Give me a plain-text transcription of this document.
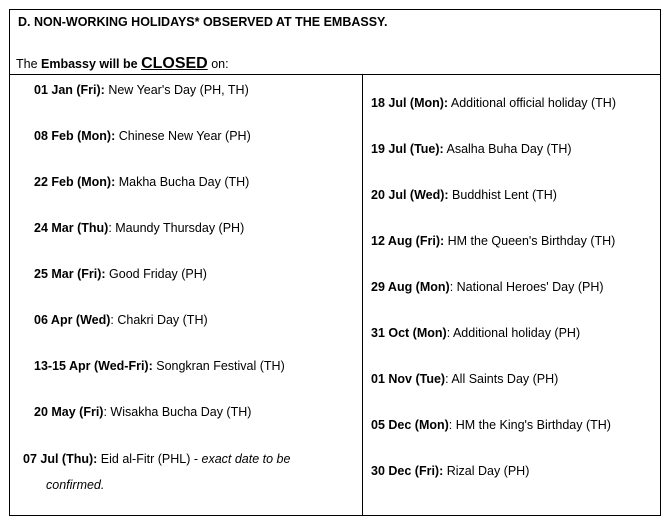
D. NON-WORKING HOLIDAYS* OBSERVED AT THE EMBASSY.
The Embassy will be CLOSED on:
01 Jan (Fri): New Year's Day (PH, TH)
08 Feb (Mon): Chinese New Year (PH)
22 Feb (Mon): Makha Bucha Day (TH)
24 Mar (Thu): Maundy Thursday (PH)
25 Mar (Fri): Good Friday (PH)
06 Apr (Wed): Chakri Day (TH)
13-15 Apr (Wed-Fri): Songkran Festival (TH)
20 May (Fri): Wisakha Bucha Day (TH)
07 Jul (Thu): Eid al-Fitr (PHL) - exact date to be
confirmed.
18 Jul (Mon): Additional official holiday (TH)
19 Jul (Tue): Asalha Buha Day (TH)
20 Jul (Wed): Buddhist Lent (TH)
12 Aug (Fri): HM the Queen's Birthday (TH)
29 Aug (Mon): National Heroes' Day (PH)
31 Oct (Mon): Additional holiday (PH)
01 Nov (Tue): All Saints Day (PH)
05 Dec (Mon): HM the King's Birthday (TH)
30 Dec (Fri): Rizal Day (PH)
